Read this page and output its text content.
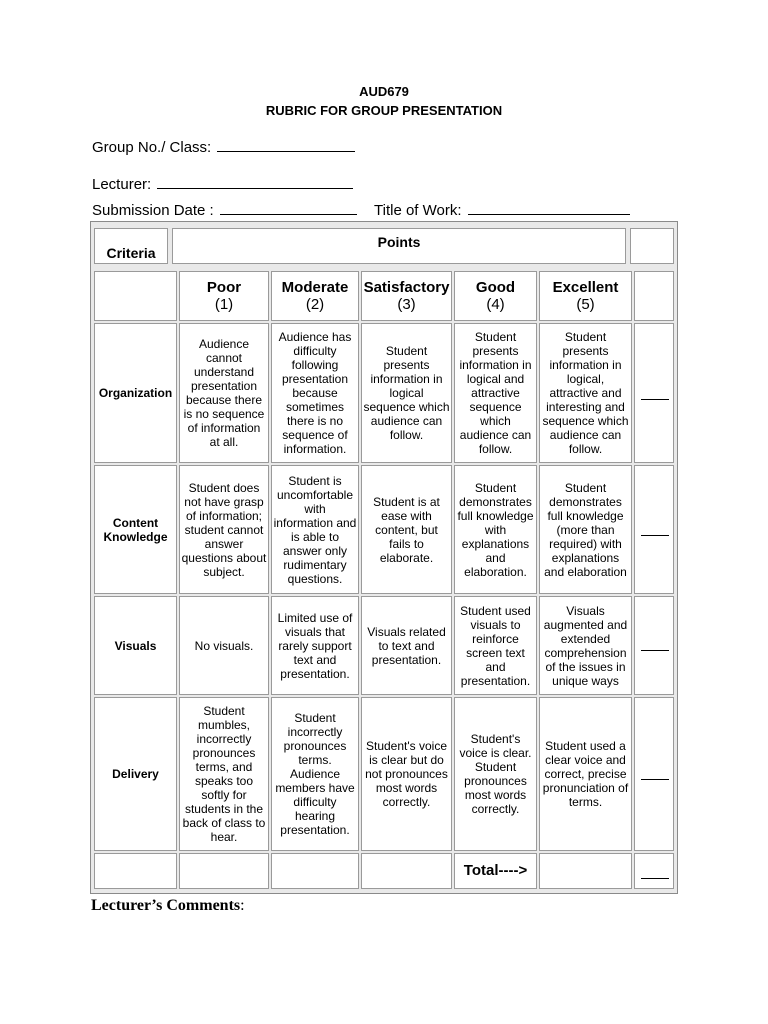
AUD679
RUBRIC FOR GROUP PRESENTATION
Group No./ Class:
Lecturer:
Submission Date :	Title of Work:
Criteria
Points
Poor
(1)
Moderate
(2)
Satisfactory
(3)
Good
(4)
Excellent
(5)
Organization
Audience cannot understand presentation because there is no sequence of information at all.
Audience has difficulty following presentation because sometimes there is no sequence of information.
Student presents information in logical sequence which audience can follow.
Student presents information in logical and attractive sequence which audience can follow.
Student presents information in logical, attractive and interesting and sequence which audience can follow.
Content Knowledge
Student does not have grasp of information; student cannot answer questions about subject.
Student is uncomfortable with information and is able to answer only rudimentary questions.
Student is at ease with content, but fails to elaborate.
Student demonstrates full knowledge with explanations and elaboration.
Student demonstrates full knowledge (more than required) with explanations and elaboration
Visuals	No visuals.
Limited use of visuals that rarely support text and presentation.
Visuals related to text and presentation.
Student used visuals to reinforce screen text and presentation.
Visuals augmented and extended comprehension of the issues in unique ways
Delivery
Student mumbles, incorrectly pronounces terms, and speaks too softly for students in the back of class to hear.
Student incorrectly pronounces terms. Audience members have difficulty hearing presentation.
Student's voice is clear but do not pronounces most words correctly.
Student's voice is clear. Student pronounces most words correctly.
Student used a clear voice and correct, precise pronunciation of terms.
Total---->
Lecturer’s Comments:
